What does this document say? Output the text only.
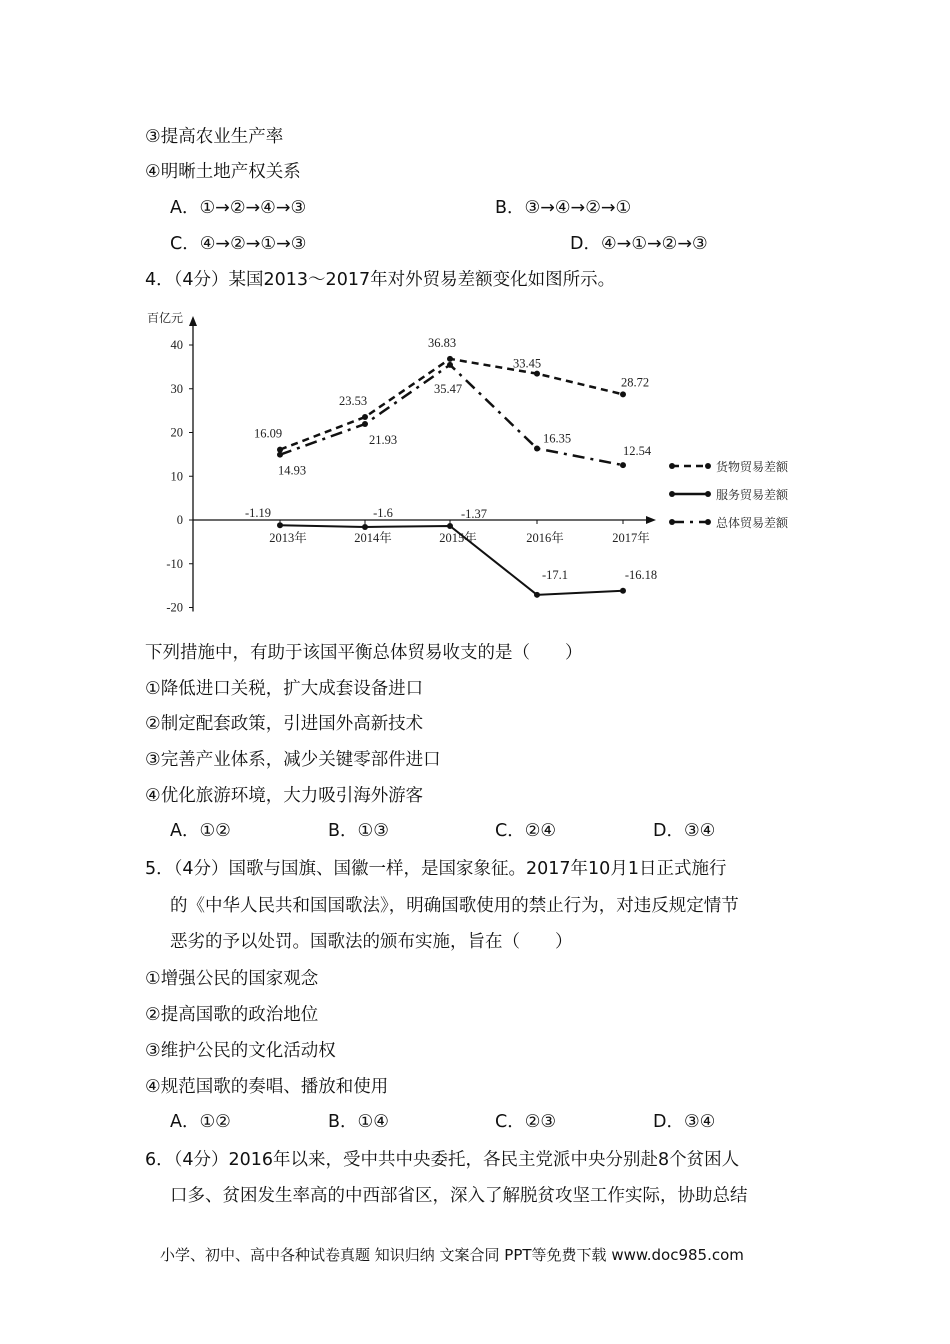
③提高农业生产率
④明晰土地产权关系
A．①→②→④→③	B．③→④→②→①
C．④→②→①→③	D．④→①→②→③
4．（4分）某国2013～2017年对外贸易差额变化如图所示。
百亿元
40
30
20
10
0
-10
-20
2013年	2014年	2015年	2016年	2017年
16.09
23.53
36.83
33.45
28.72
货物贸易差额
-1.19	-1.6	-1.37
-17.1	-16.18
服务贸易差额
14.93
21.93
35.47
16.35
12.54
总体贸易差额
下列措施中，有助于该国平衡总体贸易收支的是（　　）
①降低进口关税，扩大成套设备进口
②制定配套政策，引进国外高新技术
③完善产业体系，减少关键零部件进口
④优化旅游环境，大力吸引海外游客
A．①②	B．①③	C．②④	D．③④
5．（4分）国歌与国旗、国徽一样，是国家象征。2017年10月1日正式施行
的《中华人民共和国国歌法》，明确国歌使用的禁止行为，对违反规定情节
恶劣的予以处罚。国歌法的颁布实施，旨在（　　）
①增强公民的国家观念
②提高国歌的政治地位
③维护公民的文化活动权
④规范国歌的奏唱、播放和使用
A．①②	B．①④	C．②③	D．③④
6．（4分）2016年以来，受中共中央委托，各民主党派中央分别赴8个贫困人
口多、贫困发生率高的中西部省区，深入了解脱贫攻坚工作实际，协助总结
小学、初中、高中各种试卷真题 知识归纳 文案合同 PPT等免费下载 www.doc985.com
